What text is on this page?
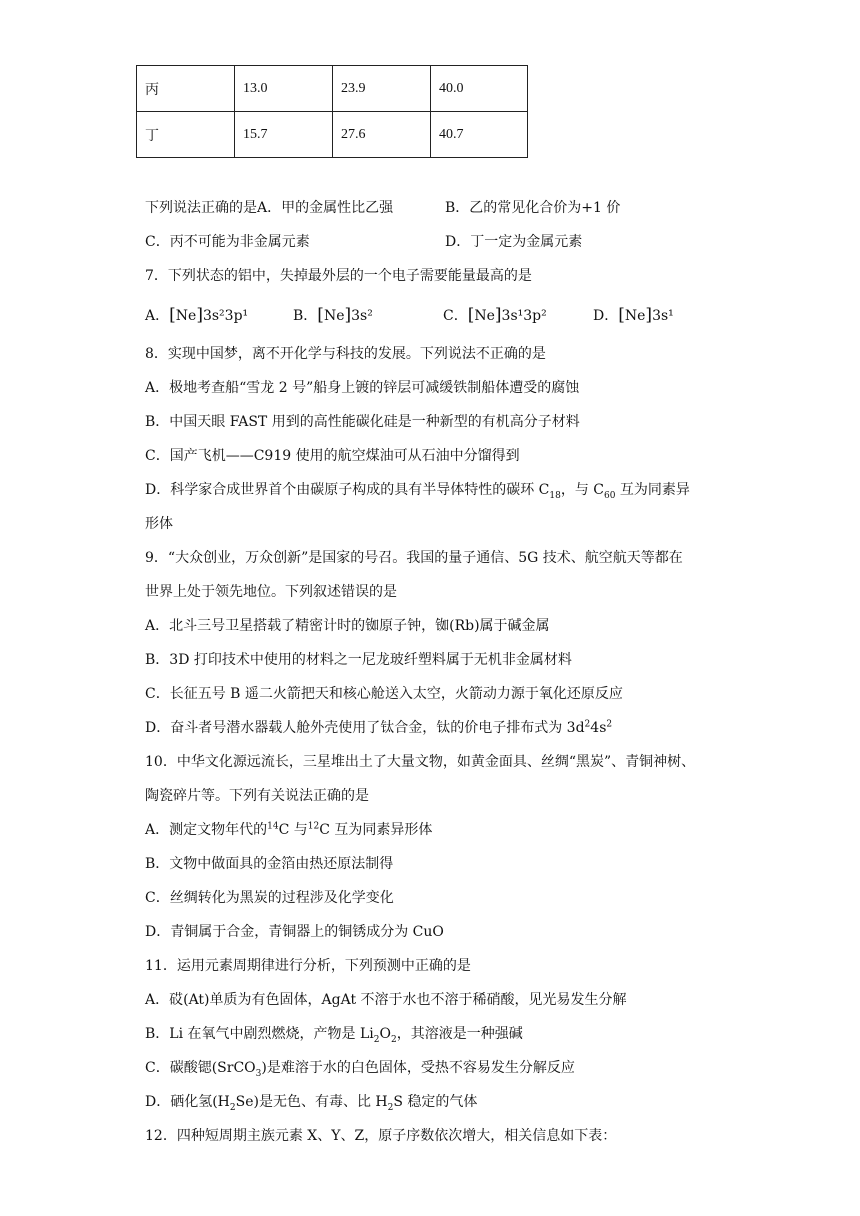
丙	13.0	23.9	40.0
丁	15.7	27.6	40.7
下列说法正确的是A．甲的金属性比乙强	B．乙的常见化合价为+1 价
C．丙不可能为非金属元素	D．丁一定为金属元素
7．下列状态的铝中，失掉最外层的一个电子需要能量最高的是
A．[Ne]3s²3p¹	B．[Ne]3s²	C．[Ne]3s¹3p²	D．[Ne]3s¹
8．实现中国梦，离不开化学与科技的发展。下列说法不正确的是
A．极地考查船“雪龙 2 号”船身上镀的锌层可减缓铁制船体遭受的腐蚀
B．中国天眼 FAST 用到的高性能碳化硅是一种新型的有机高分子材料
C．国产飞机——C919 使用的航空煤油可从石油中分馏得到
D．科学家合成世界首个由碳原子构成的具有半导体特性的碳环 $C_{18}$，与 $C_{60}$ 互为同素异
形体
9．“大众创业，万众创新”是国家的号召。我国的量子通信、5G 技术、航空航天等都在
世界上处于领先地位。下列叙述错误的是
A．北斗三号卫星搭载了精密计时的铷原子钟，铷(Rb)属于碱金属
B．3D 打印技术中使用的材料之一尼龙玻纤塑料属于无机非金属材料
C．长征五号 B 遥二火箭把天和核心舱送入太空，火箭动力源于氧化还原反应
D．奋斗者号潜水器载人舱外壳使用了钛合金，钛的价电子排布式为 $3d^24s^2$
10．中华文化源远流长，三星堆出土了大量文物，如黄金面具、丝绸“黑炭”、青铜神树、
陶瓷碎片等。下列有关说法正确的是
A．测定文物年代的$^{14}$C 与$^{12}$C 互为同素异形体
B．文物中做面具的金箔由热还原法制得
C．丝绸转化为黑炭的过程涉及化学变化
D．青铜属于合金，青铜器上的铜锈成分为 CuO
11．运用元素周期律进行分析，下列预测中正确的是
A．砹(At)单质为有色固体，AgAt 不溶于水也不溶于稀硝酸，见光易发生分解
B．Li 在氧气中剧烈燃烧，产物是 $Li_2O_2$，其溶液是一种强碱
C．碳酸锶(SrCO$_3$)是难溶于水的白色固体，受热不容易发生分解反应
D．硒化氢$(H_2Se)$是无色、有毒、比 $H_2S$ 稳定的气体
12．四种短周期主族元素 X、Y、Z，原子序数依次增大，相关信息如下表：
